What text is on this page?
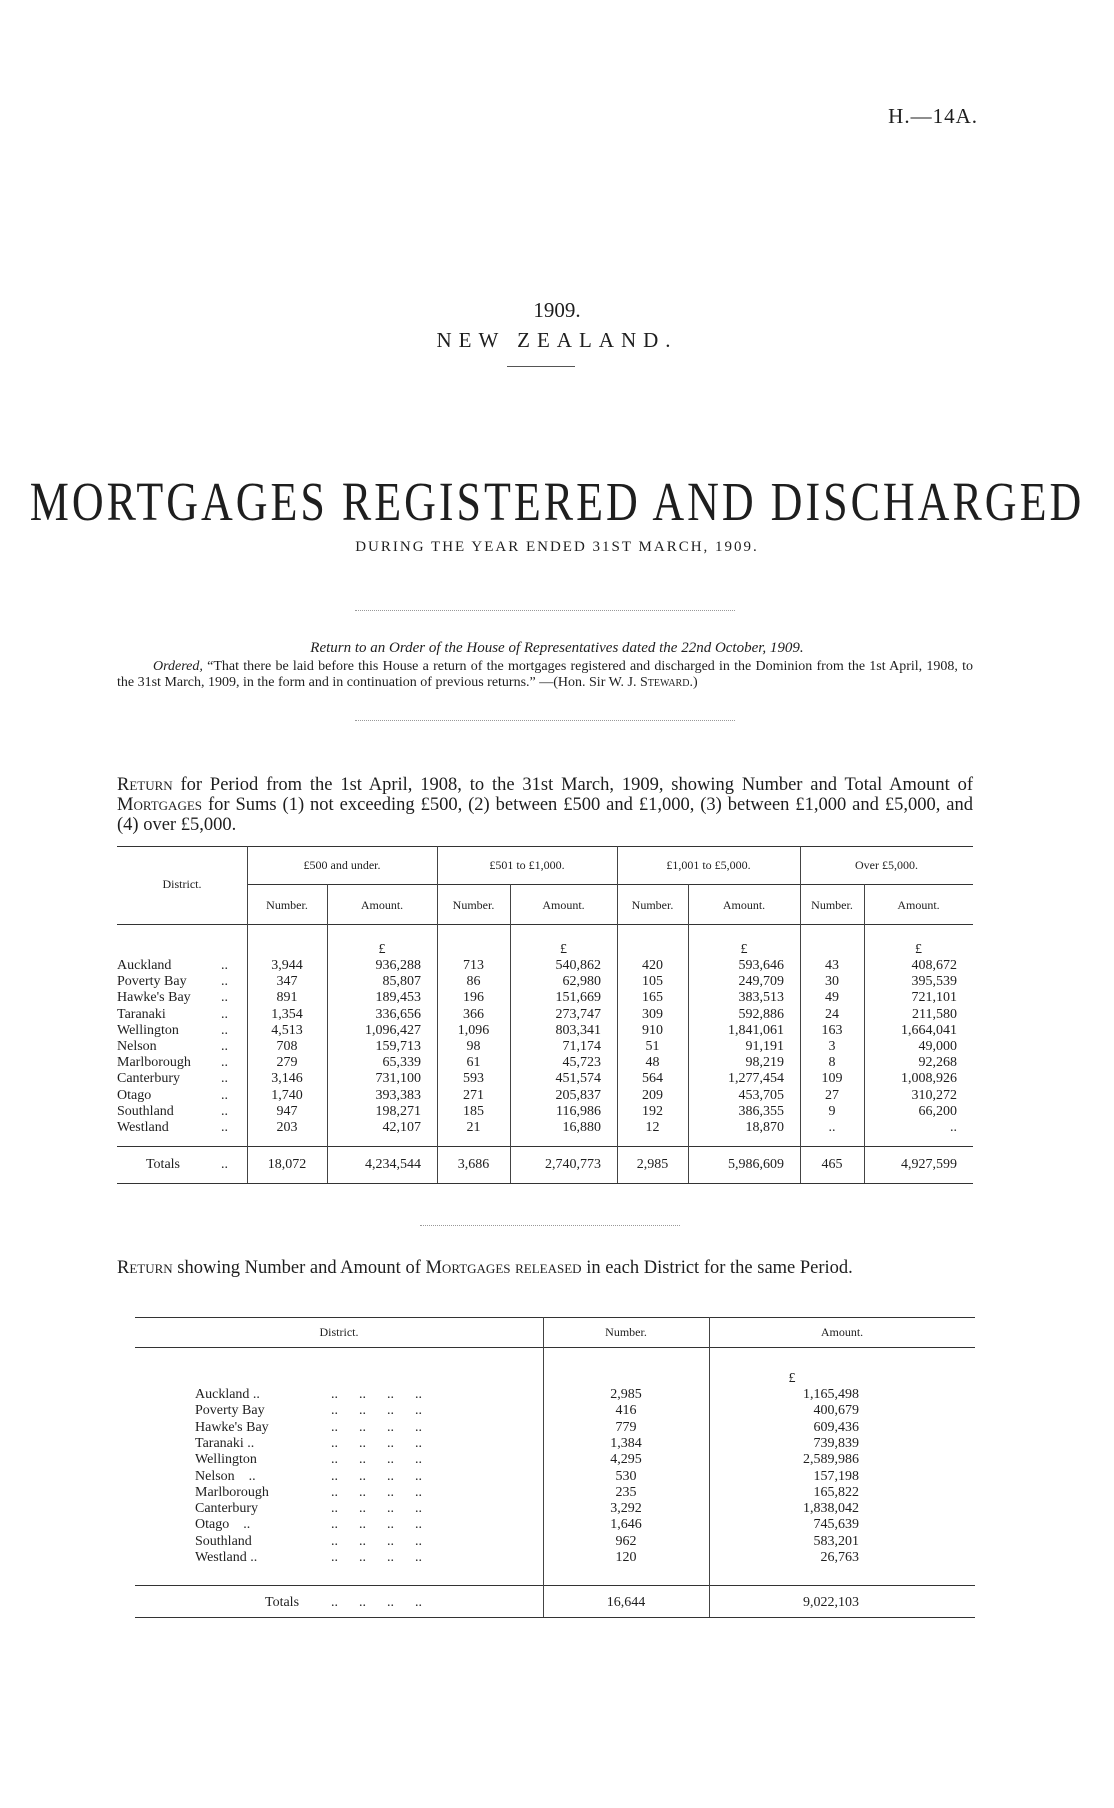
H.—14A.
1909.
NEW ZEALAND.
MORTGAGES REGISTERED AND DISCHARGED
DURING THE YEAR ENDED 31ST MARCH, 1909.
Return to an Order of the House of Representatives dated the 22nd October, 1909.
Ordered, “That there be laid before this House a return of the mortgages registered and discharged in the Dominion from the 1st April, 1908, to the 31st March, 1909, in the form and in continuation of previous returns.” —(Hon. Sir W. J. Steward.)
Return for Period from the 1st April, 1908, to the 31st March, 1909, showing Number and Total Amount of Mortgages for Sums (1) not exceeding £500, (2) between £500 and £1,000, (3) between £1,000 and £5,000, and (4) over £5,000.
District.
£500 and under.	£501 to £1,000.	£1,001 to £5,000.	Over £5,000.
Number.	Amount.	Number.	Amount.	Number.	Amount.	Number.	Amount.
£	£	£	£
Auckland	..	3,944	936,288	713	540,862	420	593,646	43	408,672
Poverty Bay	..	347	85,807	86	62,980	105	249,709	30	395,539
Hawke's Bay	..	891	189,453	196	151,669	165	383,513	49	721,101
Taranaki	..	1,354	336,656	366	273,747	309	592,886	24	211,580
Wellington	..	4,513	1,096,427	1,096	803,341	910	1,841,061	163	1,664,041
Nelson	..	708	159,713	98	71,174	51	91,191	3	49,000
Marlborough	..	279	65,339	61	45,723	48	98,219	8	92,268
Canterbury	..	3,146	731,100	593	451,574	564	1,277,454	109	1,008,926
Otago	..	1,740	393,383	271	205,837	209	453,705	27	310,272
Southland	..	947	198,271	185	116,986	192	386,355	9	66,200
Westland	..	203	42,107	21	16,880	12	18,870	..	..
Totals	..	18,072	4,234,544	3,686	2,740,773	2,985	5,986,609	465	4,927,599
Return showing Number and Amount of Mortgages released in each District for the same Period.
District.	Number.	Amount.
£
Auckland ..	..      ..      ..      ..	2,985	1,165,498
Poverty Bay	..      ..      ..      ..	416	400,679
Hawke's Bay	..      ..      ..      ..	779	609,436
Taranaki ..	..      ..      ..      ..	1,384	739,839
Wellington	..      ..      ..      ..	4,295	2,589,986
Nelson    ..	..      ..      ..      ..	530	157,198
Marlborough	..      ..      ..      ..	235	165,822
Canterbury	..      ..      ..      ..	3,292	1,838,042
Otago    ..	..      ..      ..      ..	1,646	745,639
Southland	..      ..      ..      ..	962	583,201
Westland ..	..      ..      ..      ..	120	26,763
Totals	..      ..      ..      ..	16,644	9,022,103
